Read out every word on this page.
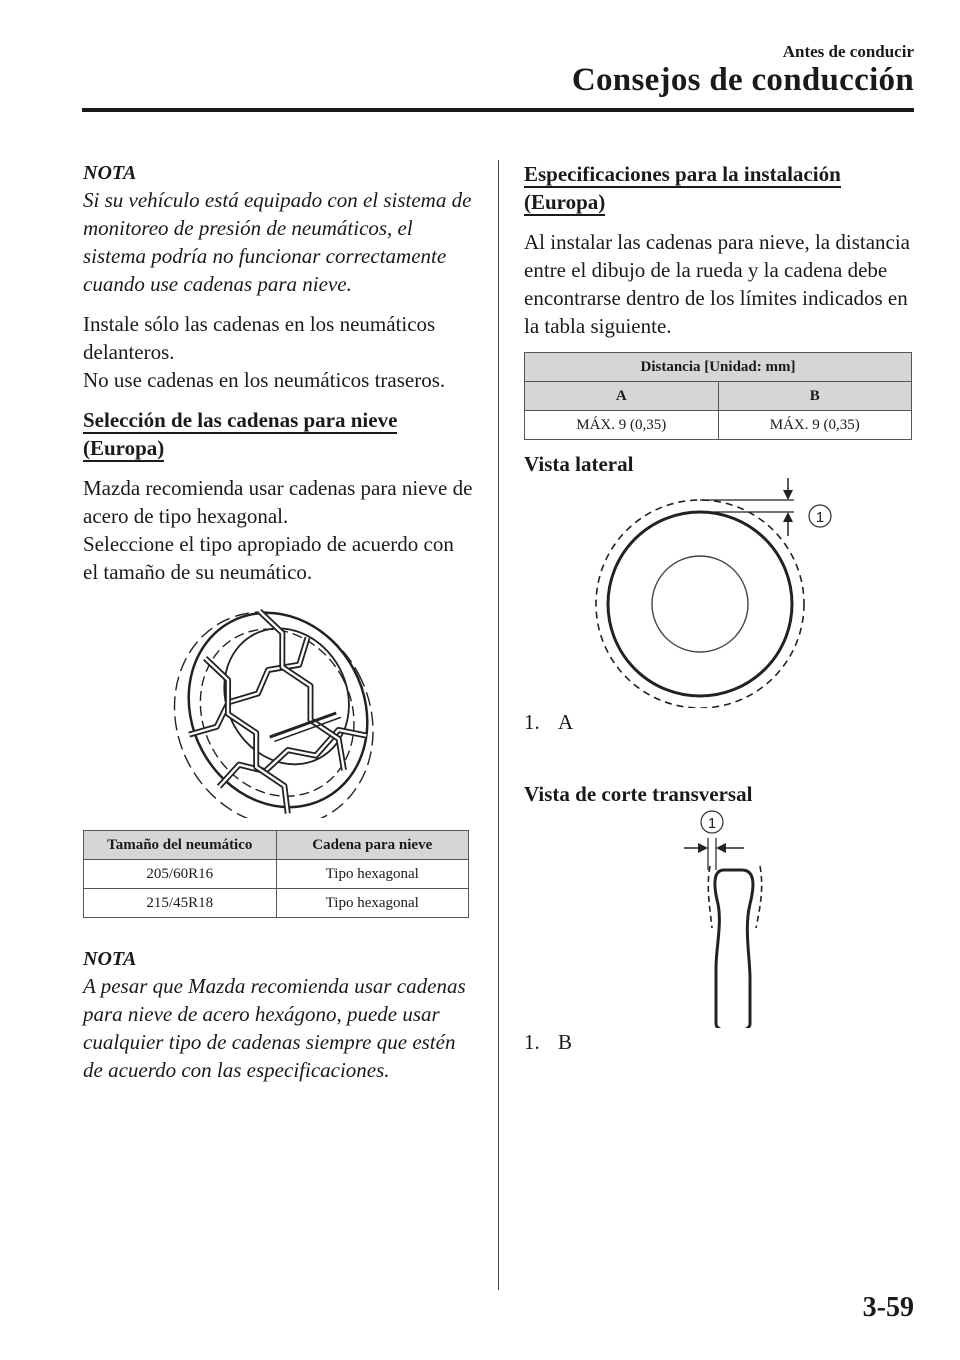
Antes de conducir
Consejos de conducción

NOTA

Si su vehículo está equipado con el sistema de monitoreo de presión de neumáticos, el sistema podría no funcionar correctamente cuando use cadenas para nieve.

Instale sólo las cadenas en los neumáticos delanteros.
No use cadenas en los neumáticos traseros.

Selección de las cadenas para nieve (Europa)

Mazda recomienda usar cadenas para nieve de acero de tipo hexagonal.
Seleccione el tipo apropiado de acuerdo con el tamaño de su neumático.

Tamaño del neumático	Cadena para nieve
205/60R16	Tipo hexagonal
215/45R18	Tipo hexagonal

NOTA

A pesar que Mazda recomienda usar cadenas para nieve de acero hexágono, puede usar cualquier tipo de cadenas siempre que estén de acuerdo con las especificaciones.

Especificaciones para la instalación (Europa)

Al instalar las cadenas para nieve, la distancia entre el dibujo de la rueda y la cadena debe encontrarse dentro de los límites indicados en la tabla siguiente.

Distancia [Unidad: mm]	
A	B
MÁX. 9 (0,35)	MÁX. 9 (0,35)

Vista lateral

1
1. A

Vista de corte transversal

1
1. B
3-59
